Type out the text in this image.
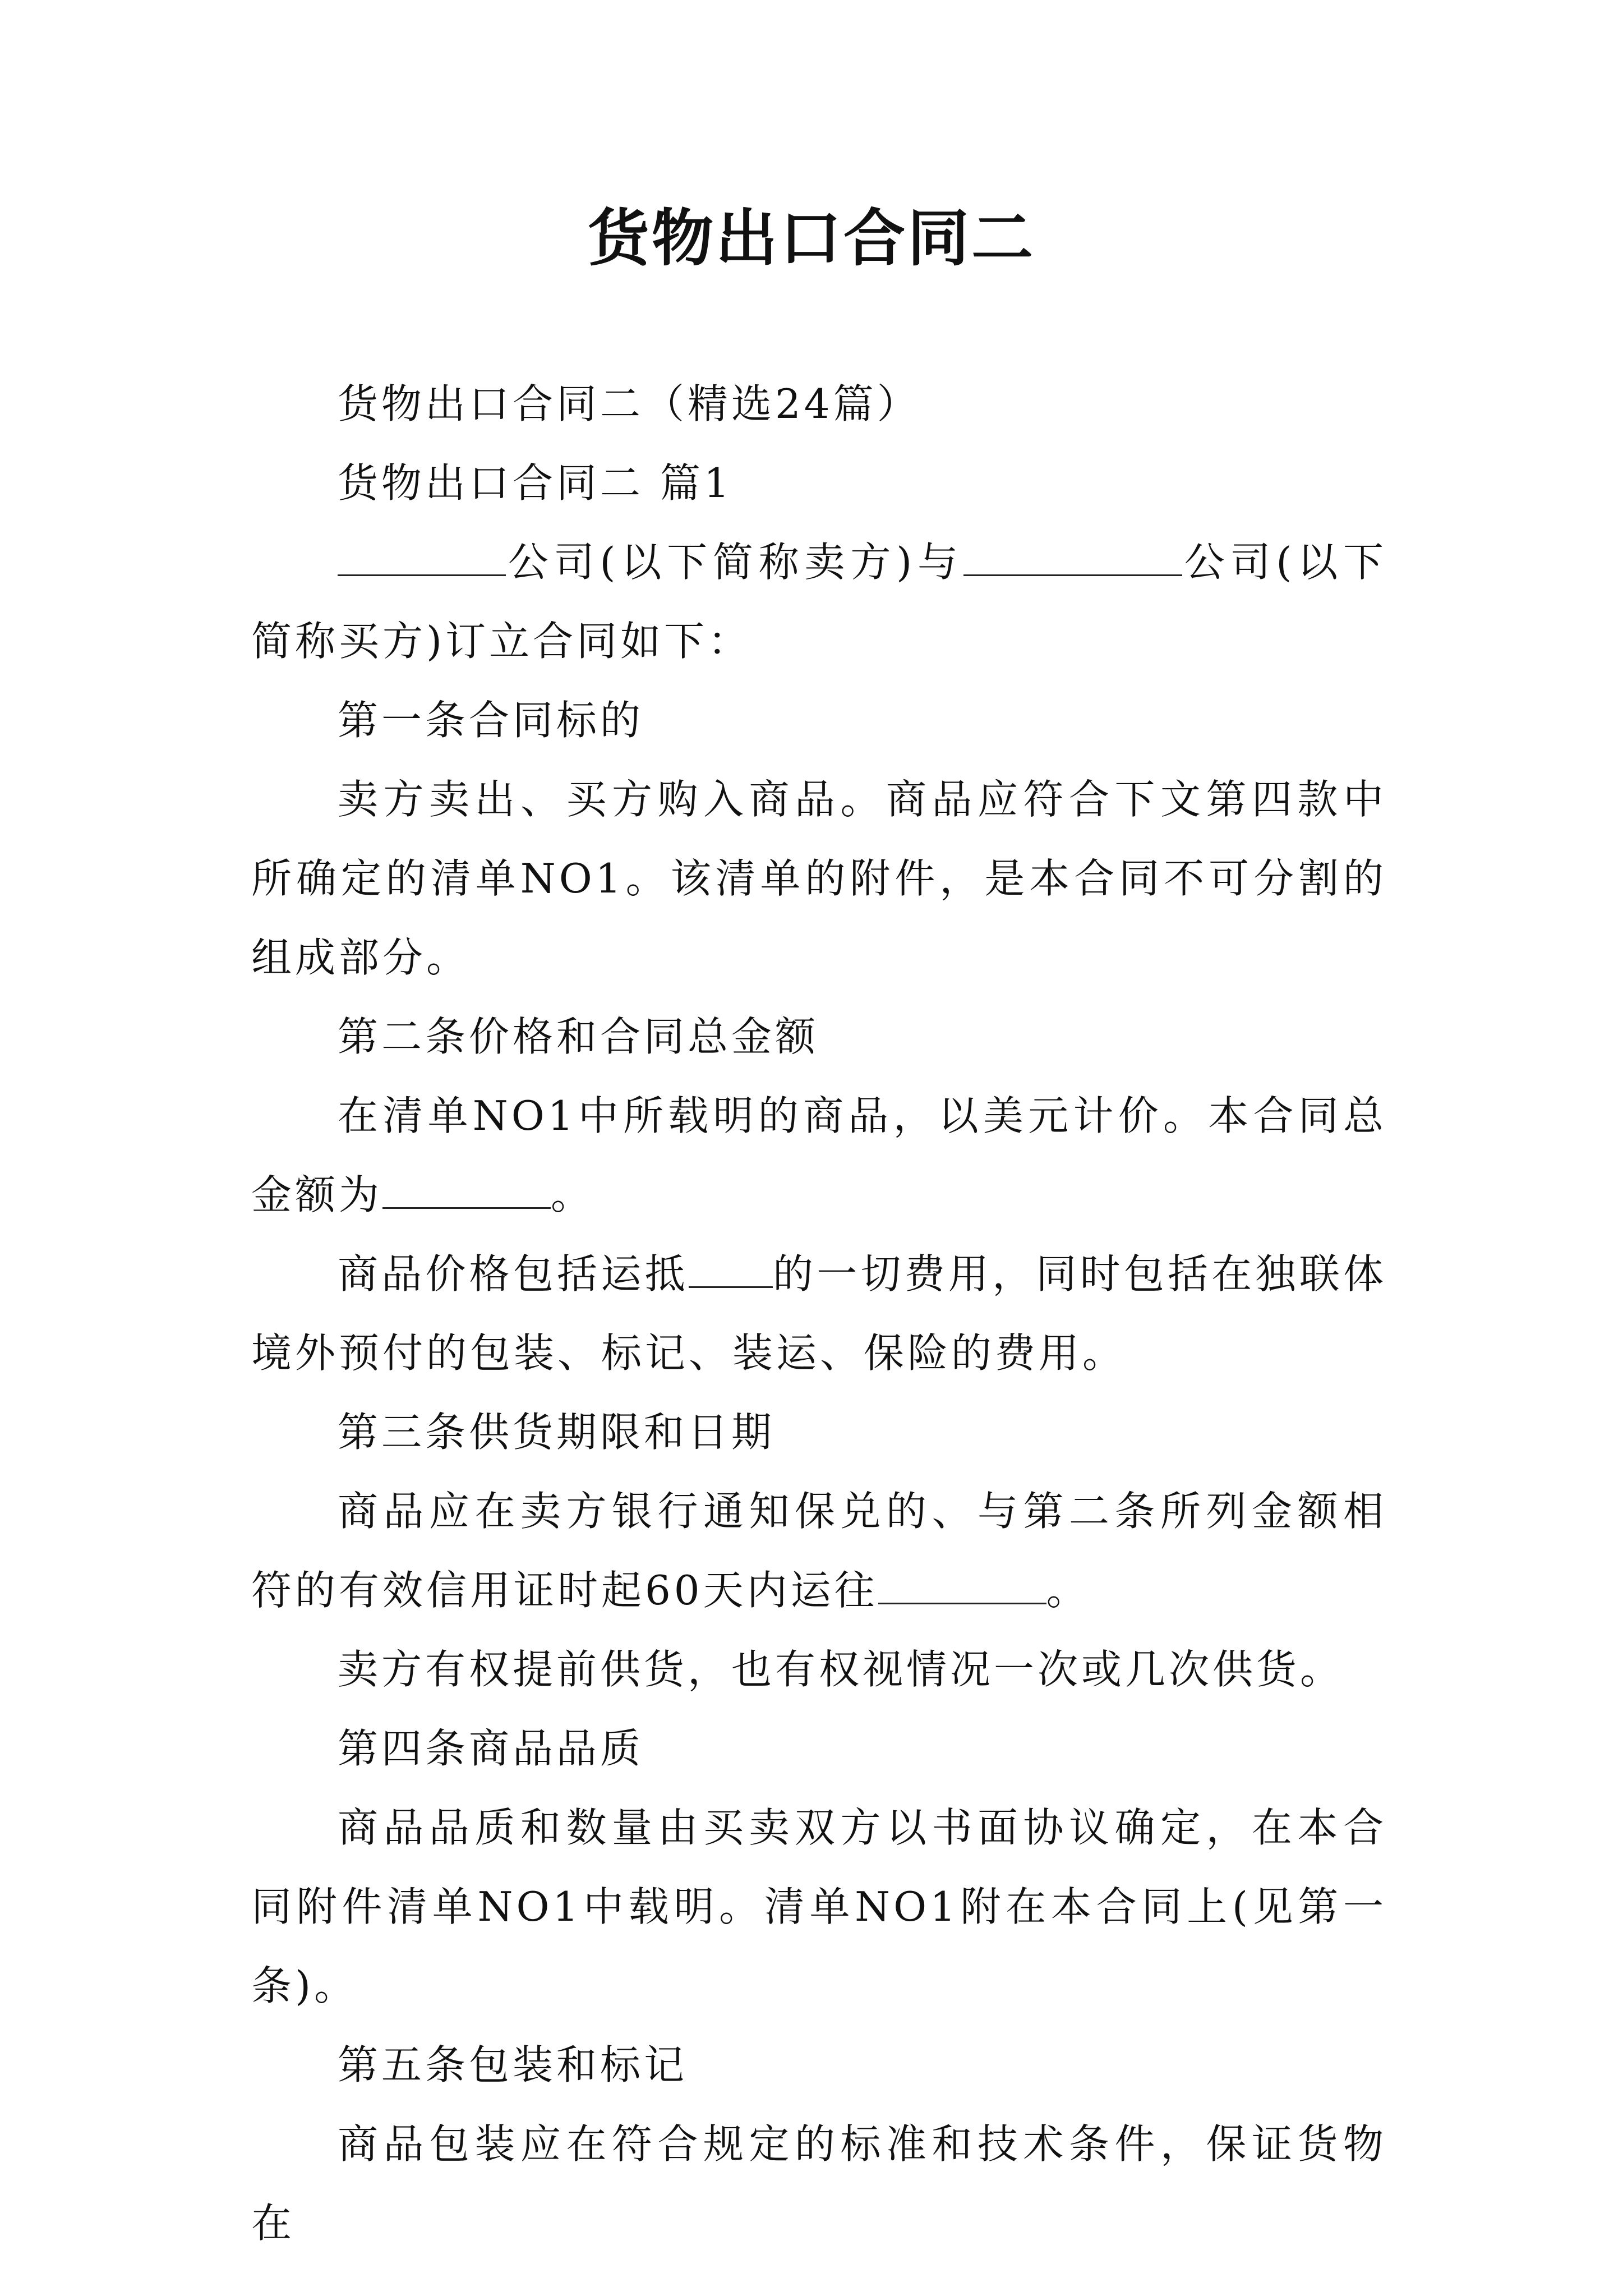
货物出口合同二

货物出口合同二（精选24篇）

货物出口合同二 篇1

公司(以下简称卖方)与	公司(以下简称买方)订立合同如下：

第一条合同标的

卖方卖出、买方购入商品。商品应符合下文第四款中所确定的清单NO1。该清单的附件，是本合同不可分割的组成部分。

第二条价格和合同总金额

在清单NO1中所载明的商品，以美元计价。本合同总金额为	。

商品价格包括运抵 的一切费用，同时包括在独联体境外预付的包装、标记、装运、保险的费用。

第三条供货期限和日期

商品应在卖方银行通知保兑的、与第二条所列金额相符的有效信用证时起60天内运往	。

卖方有权提前供货，也有权视情况一次或几次供货。

第四条商品品质

商品品质和数量由买卖双方以书面协议确定，在本合同附件清单NO1中载明。清单NO1附在本合同上(见第一条)。

第五条包装和标记

商品包装应在符合规定的标准和技术条件，保证货物在
